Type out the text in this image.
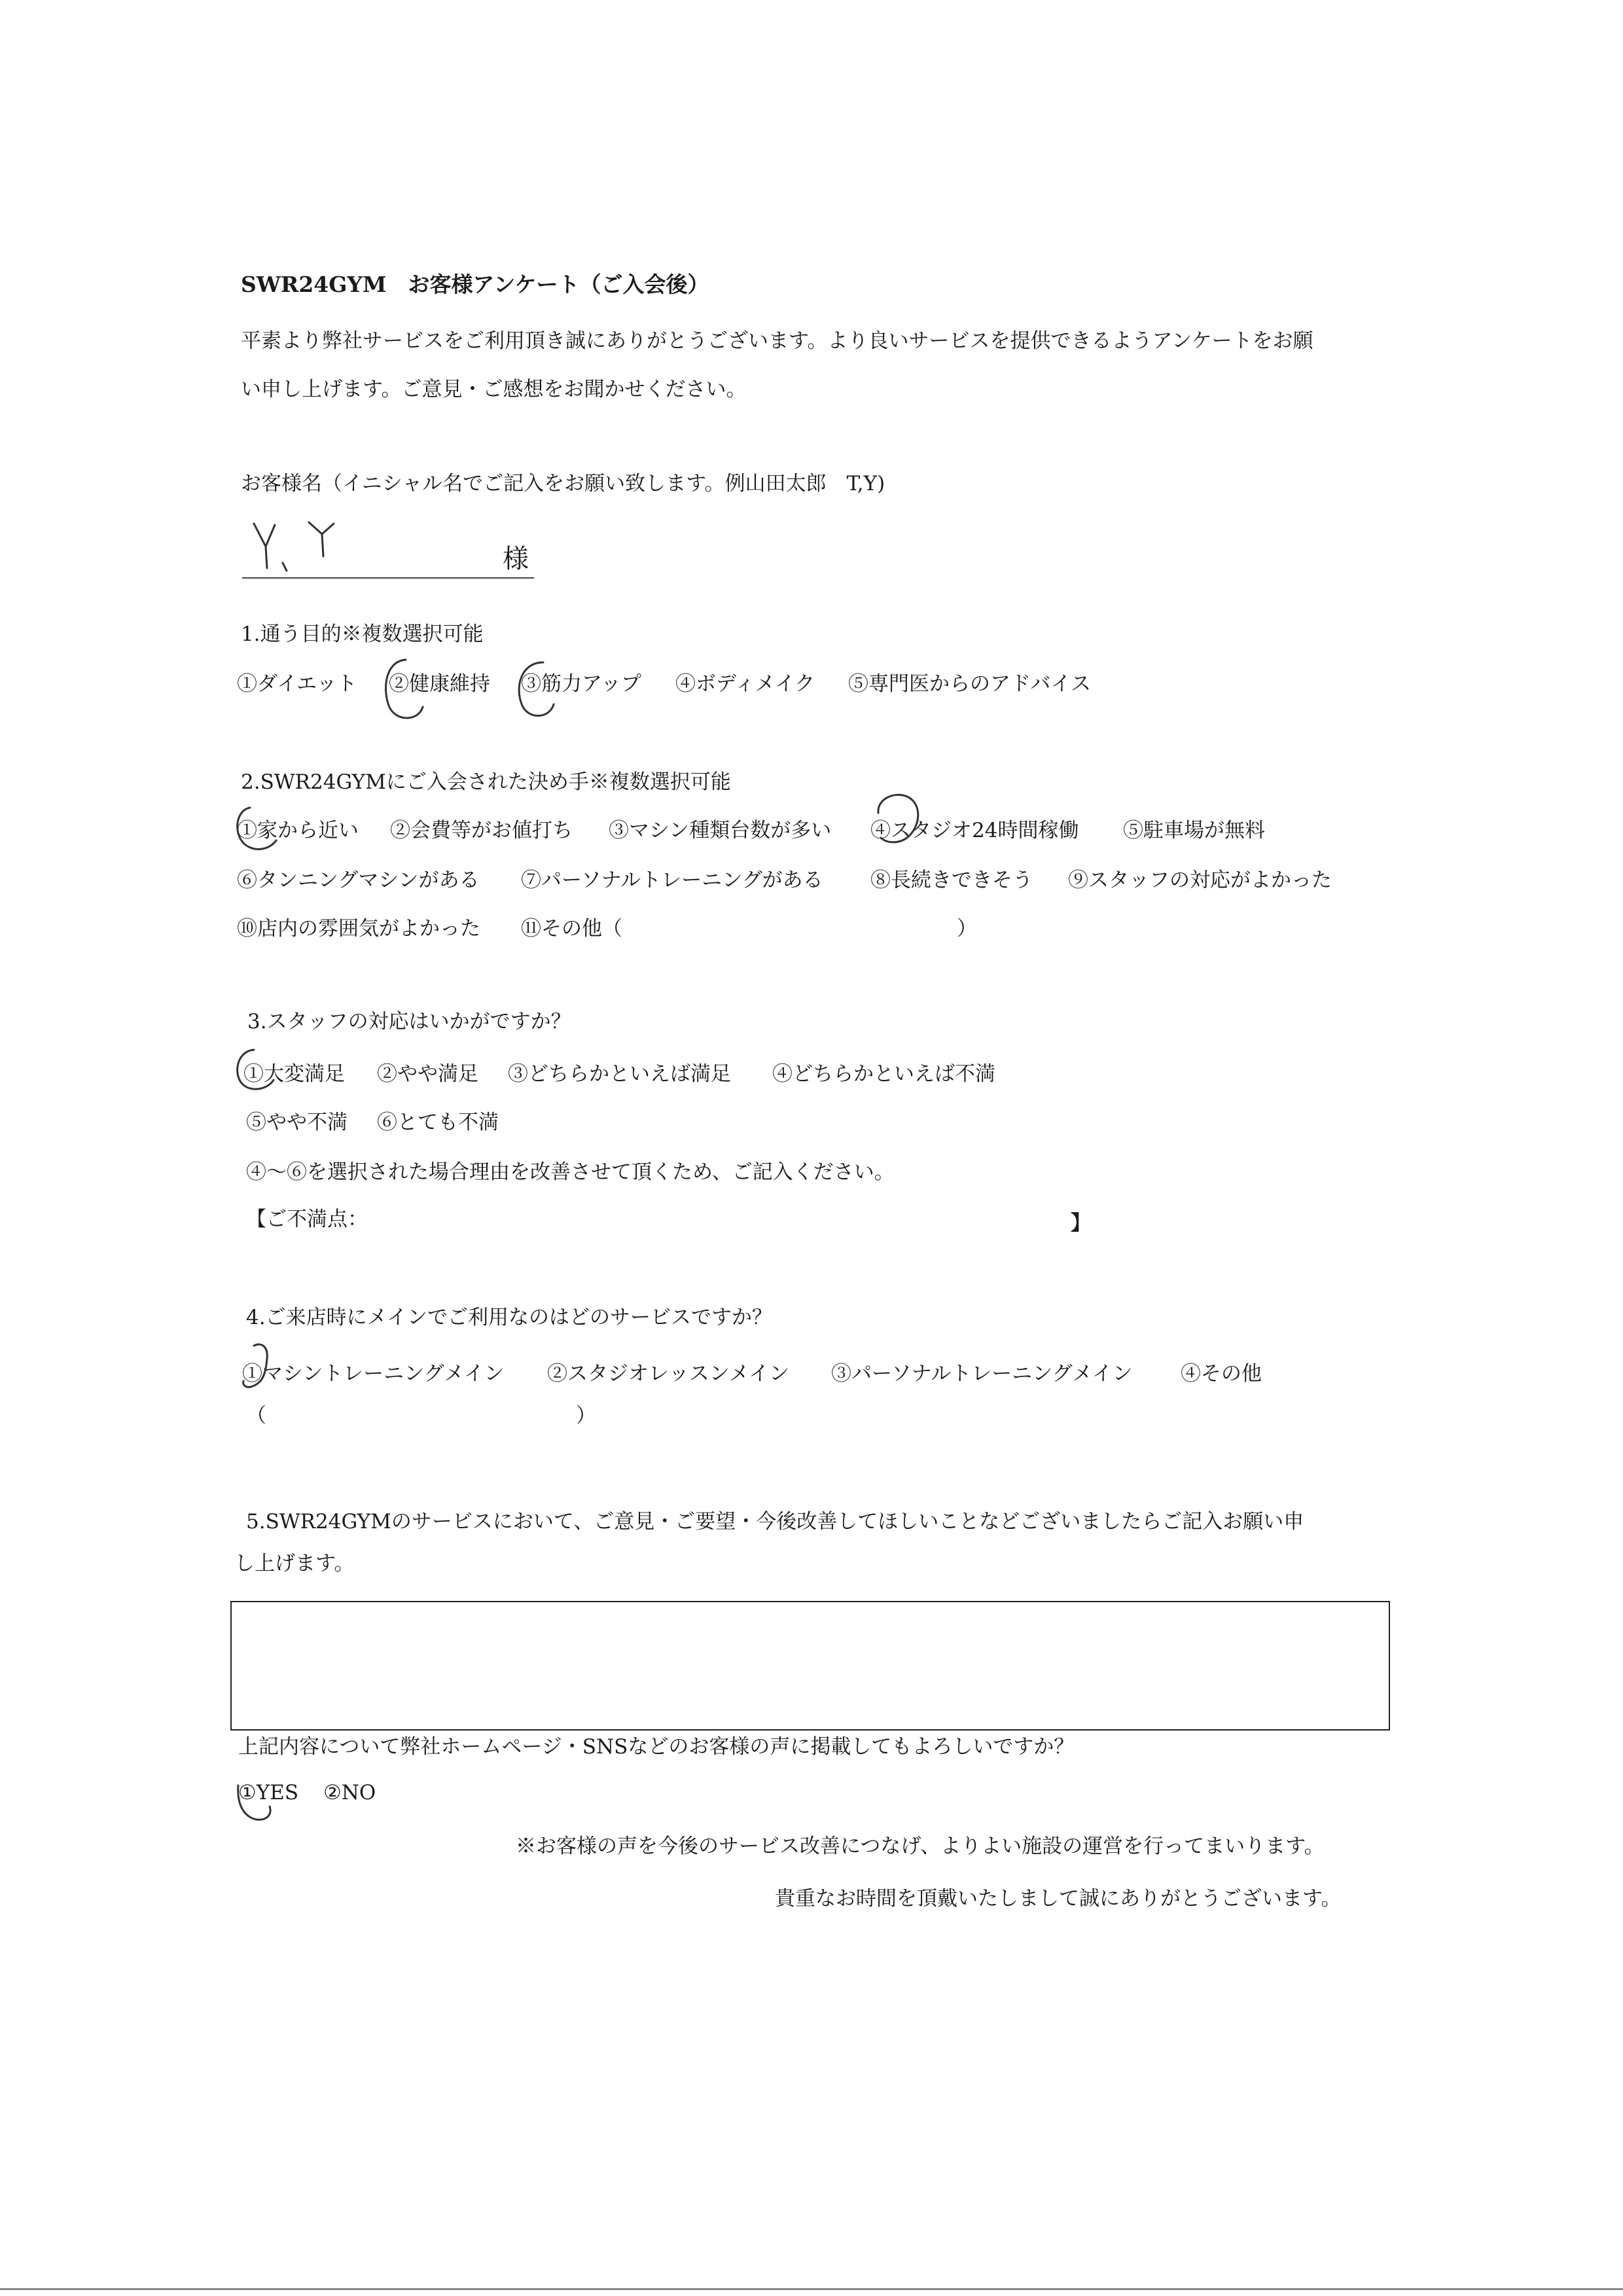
SWR24GYM　お客様アンケート（ご入会後）
平素より弊社サービスをご利用頂き誠にありがとうございます。より良いサービスを提供できるようアンケートをお願
い申し上げます。ご意見・ご感想をお聞かせください。
お客様名（イニシャル名でご記入をお願い致します。例山田太郎　T,Y)
様
1.通う目的※複数選択可能
①ダイエット ②健康維持 ③筋力アップ ④ボディメイク ⑤専門医からのアドバイス
2.SWR24GYMにご入会された決め手※複数選択可能
①家から近い ②会費等がお値打ち ③マシン種類台数が多い ④スタジオ24時間稼働 ⑤駐車場が無料
⑥タンニングマシンがある ⑦パーソナルトレーニングがある ⑧長続きできそう ⑨スタッフの対応がよかった
⑩店内の雰囲気がよかった ⑪その他（	）
3.スタッフの対応はいかがですか？
①大変満足 ②やや満足 ③どちらかといえば満足 ④どちらかといえば不満
⑤やや不満 ⑥とても不満
④〜⑥を選択された場合理由を改善させて頂くため、ご記入ください。
【ご不満点：	】
4.ご来店時にメインでご利用なのはどのサービスですか？
①マシントレーニングメイン ②スタジオレッスンメイン ③パーソナルトレーニングメイン ④その他
（	）
5.SWR24GYMのサービスにおいて、ご意見・ご要望・今後改善してほしいことなどございましたらご記入お願い申
し上げます。
上記内容について弊社ホームページ・SNSなどのお客様の声に掲載してもよろしいですか？
①YES ②NO
※お客様の声を今後のサービス改善につなげ、よりよい施設の運営を行ってまいります。
貴重なお時間を頂戴いたしまして誠にありがとうございます。
